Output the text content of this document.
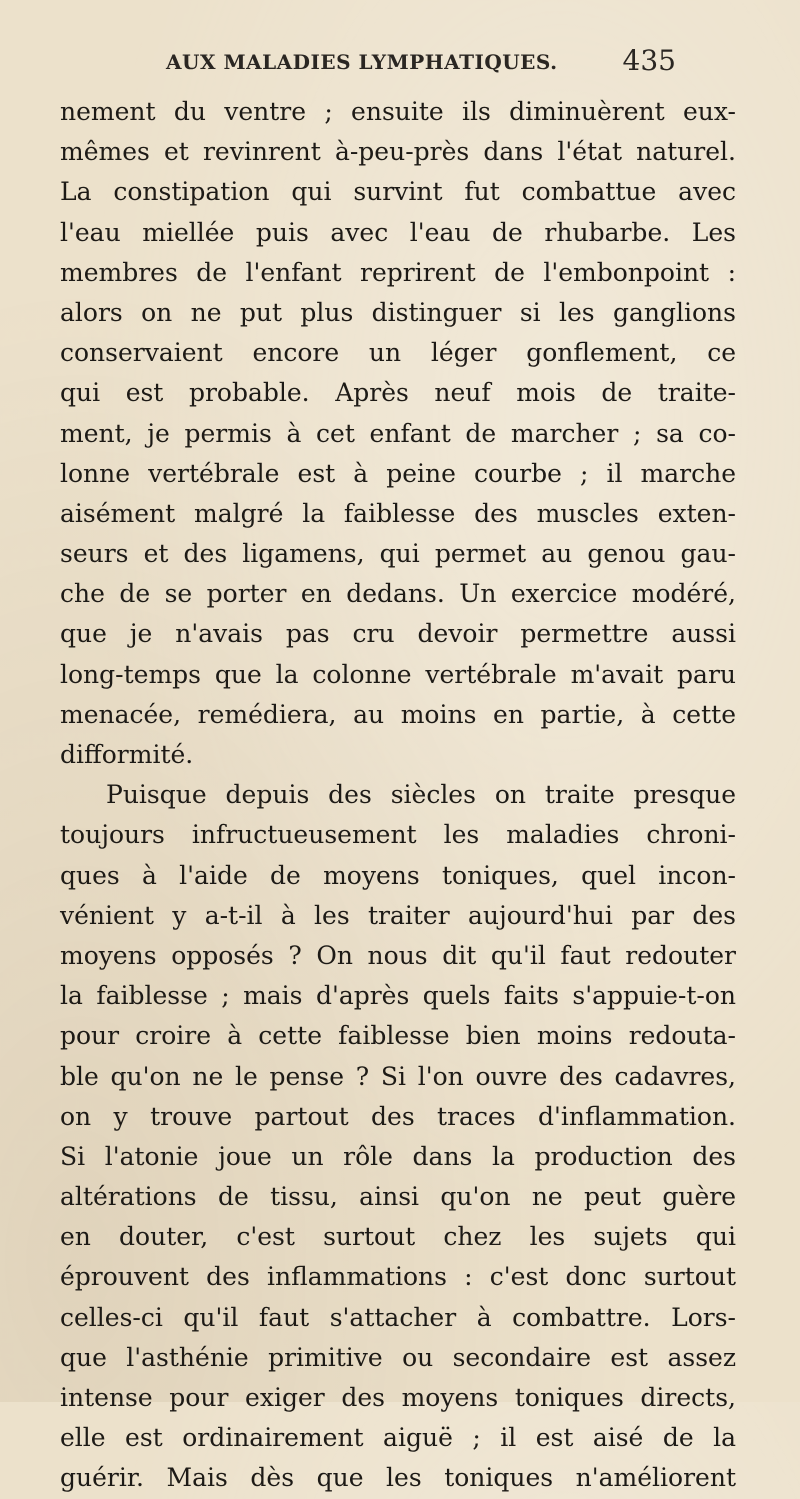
AUX MALADIES LYMPHATIQUES. 435
nement du ventre ; ensuite ils diminuèrent eux-
mêmes et revinrent à-peu-près dans l'état naturel.
La constipation qui survint fut combattue avec
l'eau miellée puis avec l'eau de rhubarbe. Les
membres de l'enfant reprirent de l'embonpoint :
alors on ne put plus distinguer si les ganglions
conservaient encore un léger gonflement, ce
qui est probable. Après neuf mois de traite-
ment, je permis à cet enfant de marcher ; sa co-
lonne vertébrale est à peine courbe ; il marche
aisément malgré la faiblesse des muscles exten-
seurs et des ligamens, qui permet au genou gau-
che de se porter en dedans. Un exercice modéré,
que je n'avais pas cru devoir permettre aussi
long-temps que la colonne vertébrale m'avait paru
menacée, remédiera, au moins en partie, à cette
difformité.
Puisque depuis des siècles on traite presque
toujours infructueusement les maladies chroni-
ques à l'aide de moyens toniques, quel incon-
vénient y a-t-il à les traiter aujourd'hui par des
moyens opposés ? On nous dit qu'il faut redouter
la faiblesse ; mais d'après quels faits s'appuie-t-on
pour croire à cette faiblesse bien moins redouta-
ble qu'on ne le pense ? Si l'on ouvre des cadavres,
on y trouve partout des traces d'inflammation.
Si l'atonie joue un rôle dans la production des
altérations de tissu, ainsi qu'on ne peut guère
en douter, c'est surtout chez les sujets qui
éprouvent des inflammations : c'est donc surtout
celles-ci qu'il faut s'attacher à combattre. Lors-
que l'asthénie primitive ou secondaire est assez
intense pour exiger des moyens toniques directs,
elle est ordinairement aiguë ; il est aisé de la
guérir. Mais dès que les toniques n'améliorent
